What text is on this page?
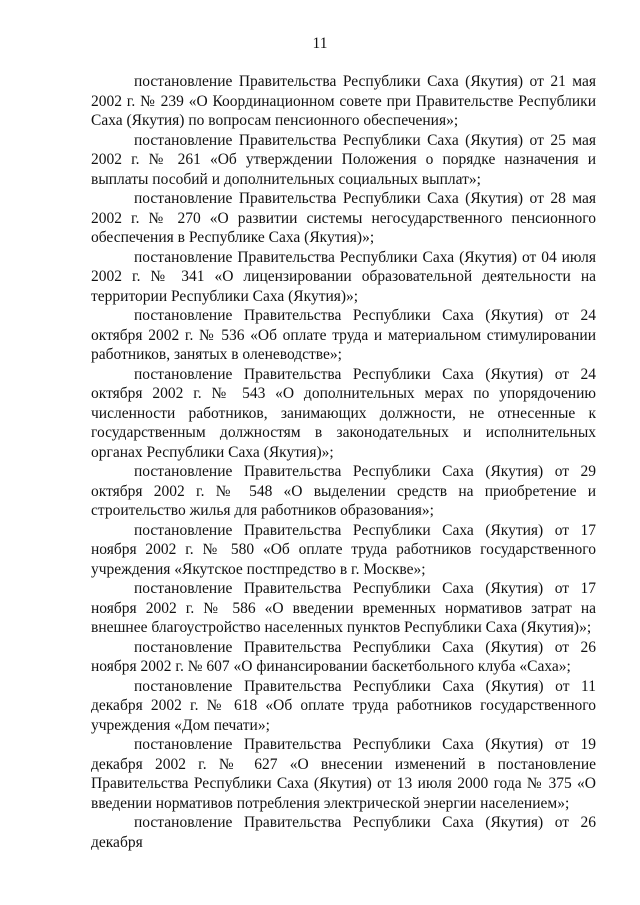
11

постановление Правительства Республики Саха (Якутия) от 21 мая 2002 г. № 239 «О Координационном совете при Правительстве Республики Саха (Якутия) по вопросам пенсионного обеспечения»;

постановление Правительства Республики Саха (Якутия) от 25 мая 2002 г. № 261 «Об утверждении Положения о порядке назначения и выплаты пособий и дополнительных социальных выплат»;

постановление Правительства Республики Саха (Якутия) от 28 мая 2002 г. № 270 «О развитии системы негосударственного пенсионного обеспечения в Республике Саха (Якутия)»;

постановление Правительства Республики Саха (Якутия) от 04 июля 2002 г. № 341 «О лицензировании образовательной деятельности на территории Республики Саха (Якутия)»;

постановление Правительства Республики Саха (Якутия) от 24 октября 2002 г. № 536 «Об оплате труда и материальном стимулировании работников, занятых в оленеводстве»;

постановление Правительства Республики Саха (Якутия) от 24 октября 2002 г. № 543 «О дополнительных мерах по упорядочению численности работников, занимающих должности, не отнесенные к государственным должностям в законодательных и исполнительных органах Республики Саха (Якутия)»;

постановление Правительства Республики Саха (Якутия) от 29 октября 2002 г. № 548 «О выделении средств на приобретение и строительство жилья для работников образования»;

постановление Правительства Республики Саха (Якутия) от 17 ноября 2002 г. № 580 «Об оплате труда работников государственного учреждения «Якутское постпредство в г. Москве»;

постановление Правительства Республики Саха (Якутия) от 17 ноября 2002 г. № 586 «О введении временных нормативов затрат на внешнее благоустройство населенных пунктов Республики Саха (Якутия)»;

постановление Правительства Республики Саха (Якутия) от 26 ноября 2002 г. № 607 «О финансировании баскетбольного клуба «Саха»;

постановление Правительства Республики Саха (Якутия) от 11 декабря 2002 г. № 618 «Об оплате труда работников государственного учреждения «Дом печати»;

постановление Правительства Республики Саха (Якутия) от 19 декабря 2002 г. № 627 «О внесении изменений в постановление Правительства Республики Саха (Якутия) от 13 июля 2000 года № 375 «О введении нормативов потребления электрической энергии населением»;

постановление Правительства Республики Саха (Якутия) от 26 декабря
